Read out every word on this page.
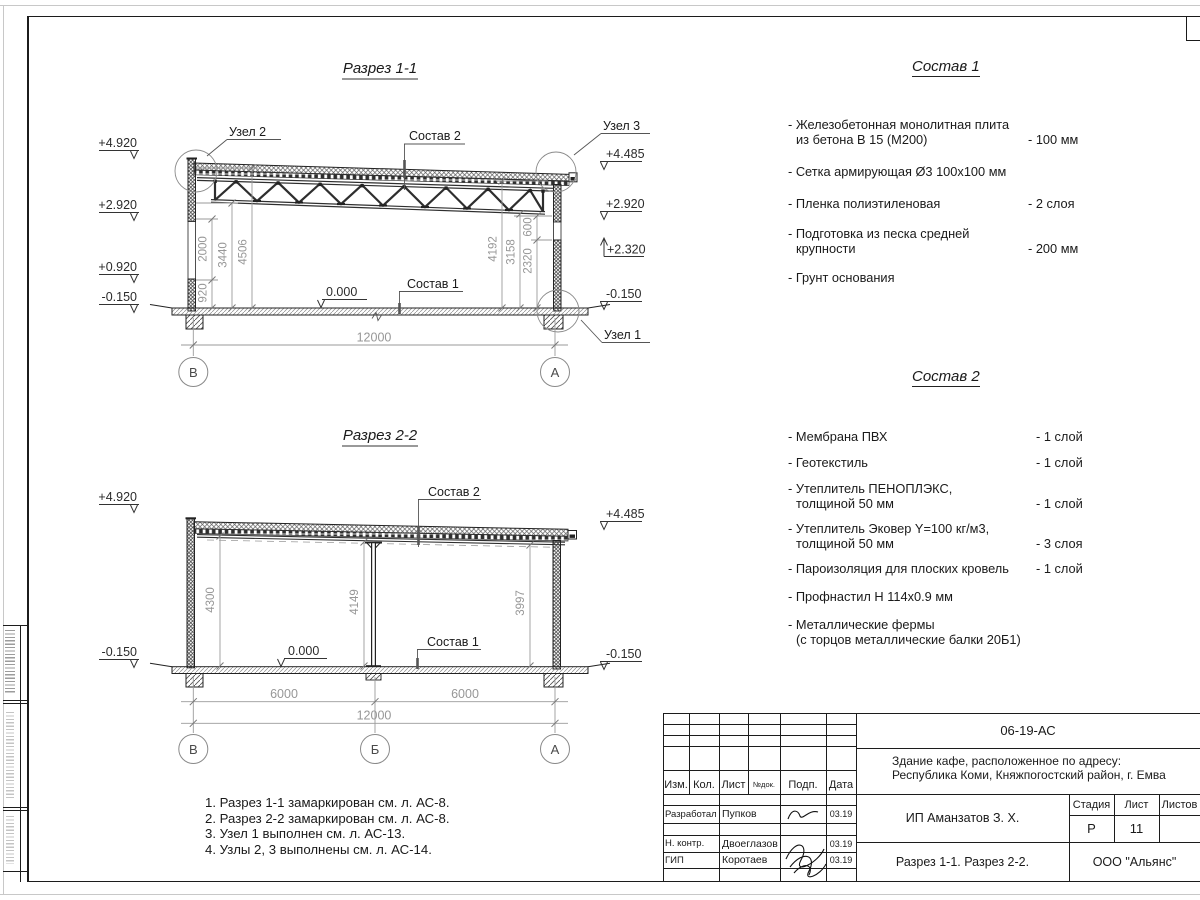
Разрез 1-1
Узел 2	Узел 3
Узел 1
Состав 2
Состав 1
0.000
+4.920
+2.920
+0.920
-0.150
+4.485
+2.920
+2.320
-0.150
920
2000 3440 4506	4192 3158 2320
600
12000
В	А
Разрез 2-2
Состав 2
Состав 1
0.000
+4.920
-0.150
+4.485
-0.150
4300	4149	3997
6000	6000
12000
В	Б	А
Состав 1
- Железобетонная монолитная плита
из бетона В 15 (М200)	- 100 мм
- Сетка армирующая Ø3 100х100 мм
- Пленка полиэтиленовая	- 2 слоя
- Подготовка из песка средней
крупности	- 200 мм
- Грунт основания
Состав 2
- Мембрана ПВХ	- 1 слой
- Геотекстиль	- 1 слой
- Утеплитель ПЕНОПЛЭКС,
толщиной 50 мм	- 1 слой
- Утеплитель Эковер Y=100 кг/м3,
толщиной 50 мм	- 3 слоя
- Пароизоляция для плоских кровель	- 1 слой
- Профнастил Н 114х0.9 мм
- Металлические фермы
(с торцов металлические балки 20Б1)
1. Разрез 1-1 замаркирован см. л. АС-8.
2. Разрез 2-2 замаркирован см. л. АС-8.
3. Узел 1 выполнен см. л. АС-13.
4. Узлы 2, 3 выполнены см. л. АС-14.
Изм. Кол. Лист	№док.	Подп.	Дата
Разработал Пупков	03.19
Н. контр.	Двоеглазов	03.19
ГИП	Коротаев	03.19
06-19-АС
Здание кафе, расположенное по адресу:
Республика Коми, Княжпогостский район, г. Емва
ИП Аманзатов З. Х.
Стадия	Лист	Листов
Р	11
Разрез 1-1. Разрез 2-2.	ООО "Альянс"
